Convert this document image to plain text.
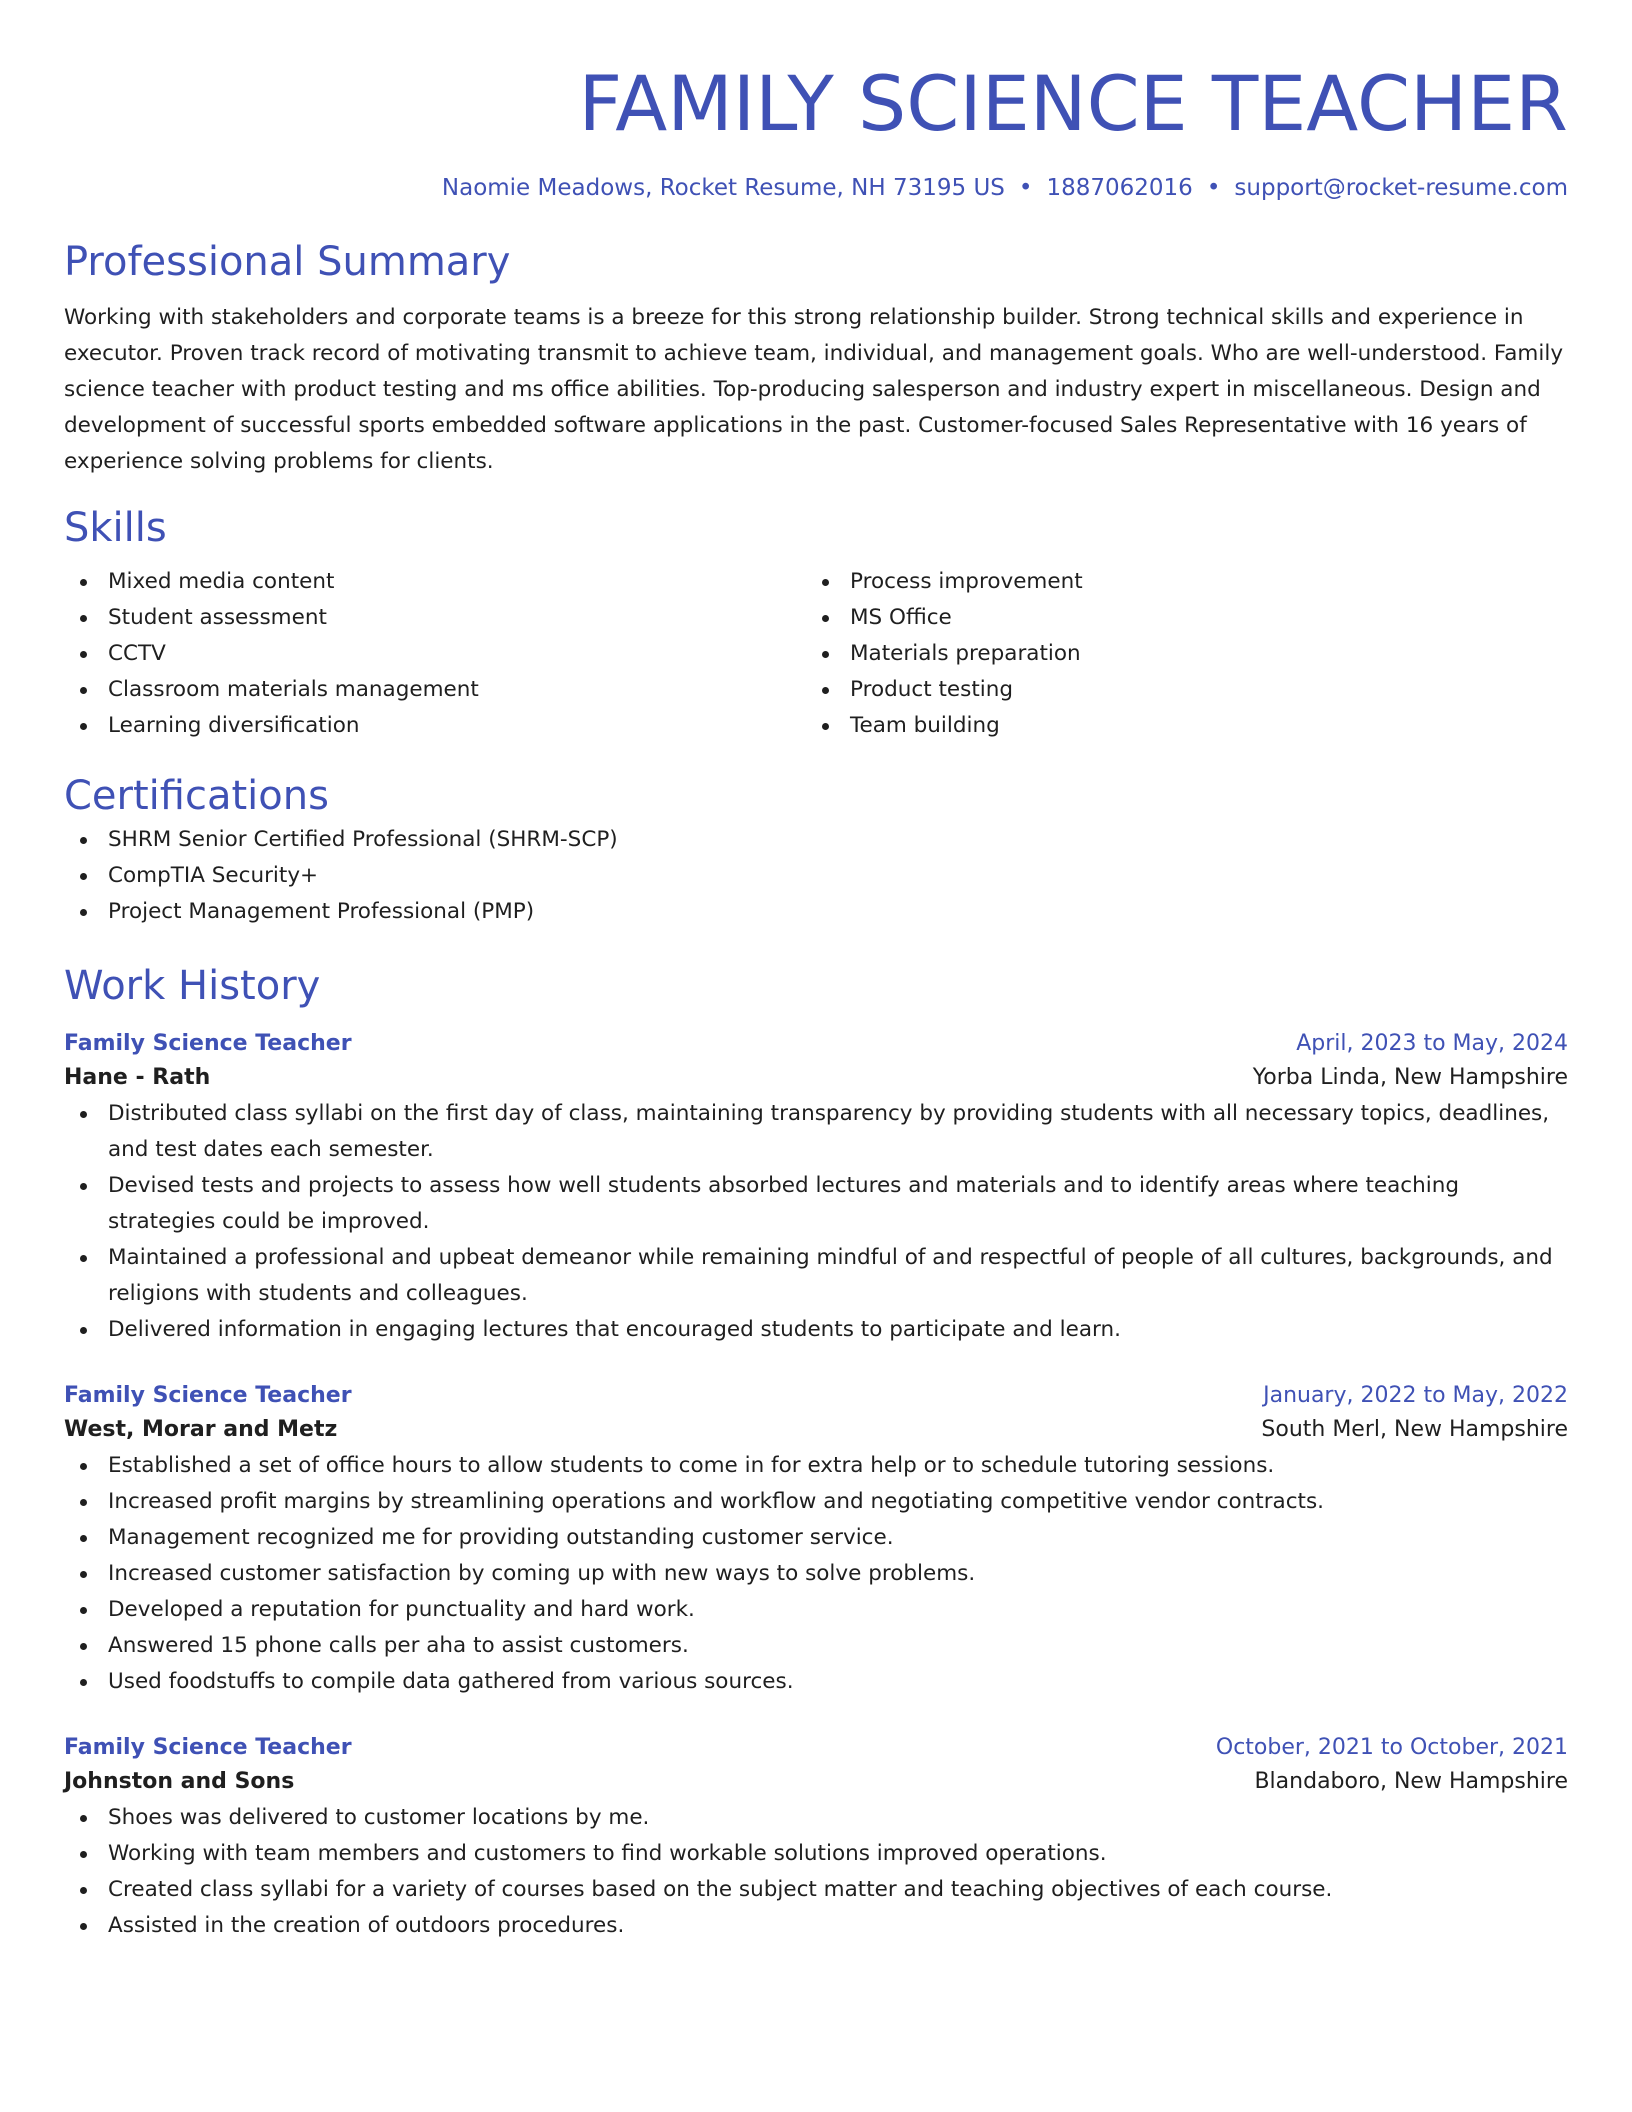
FAMILY SCIENCE TEACHER
Naomie Meadows, Rocket Resume, NH 73195 US • 1887062016 • support@rocket-resume.com
Professional Summary
Working with stakeholders and corporate teams is a breeze for this strong relationship builder. Strong technical skills and experience in executor. Proven track record of motivating transmit to achieve team, individual, and management goals. Who are well-understood. Family science teacher with product testing and ms office abilities. Top-producing salesperson and industry expert in miscellaneous. Design and development of successful sports embedded software applications in the past. Customer-focused Sales Representative with 16 years of experience solving problems for clients.
Skills
Mixed media content
Student assessment
CCTV
Classroom materials management
Learning diversification
Process improvement
MS Office
Materials preparation
Product testing
Team building
Certifications
SHRM Senior Certified Professional (SHRM-SCP)
CompTIA Security+
Project Management Professional (PMP)
Work History
Family Science Teacher	April, 2023 to May, 2024
Hane - Rath	Yorba Linda, New Hampshire
Distributed class syllabi on the first day of class, maintaining transparency by providing students with all necessary topics, deadlines, and test dates each semester.
Devised tests and projects to assess how well students absorbed lectures and materials and to identify areas where teaching strategies could be improved.
Maintained a professional and upbeat demeanor while remaining mindful of and respectful of people of all cultures, backgrounds, and religions with students and colleagues.
Delivered information in engaging lectures that encouraged students to participate and learn.
Family Science Teacher	January, 2022 to May, 2022
West, Morar and Metz	South Merl, New Hampshire
Established a set of office hours to allow students to come in for extra help or to schedule tutoring sessions.
Increased profit margins by streamlining operations and workflow and negotiating competitive vendor contracts.
Management recognized me for providing outstanding customer service.
Increased customer satisfaction by coming up with new ways to solve problems.
Developed a reputation for punctuality and hard work.
Answered 15 phone calls per aha to assist customers.
Used foodstuffs to compile data gathered from various sources.
Family Science Teacher	October, 2021 to October, 2021
Johnston and Sons	Blandaboro, New Hampshire
Shoes was delivered to customer locations by me.
Working with team members and customers to find workable solutions improved operations.
Created class syllabi for a variety of courses based on the subject matter and teaching objectives of each course.
Assisted in the creation of outdoors procedures.
